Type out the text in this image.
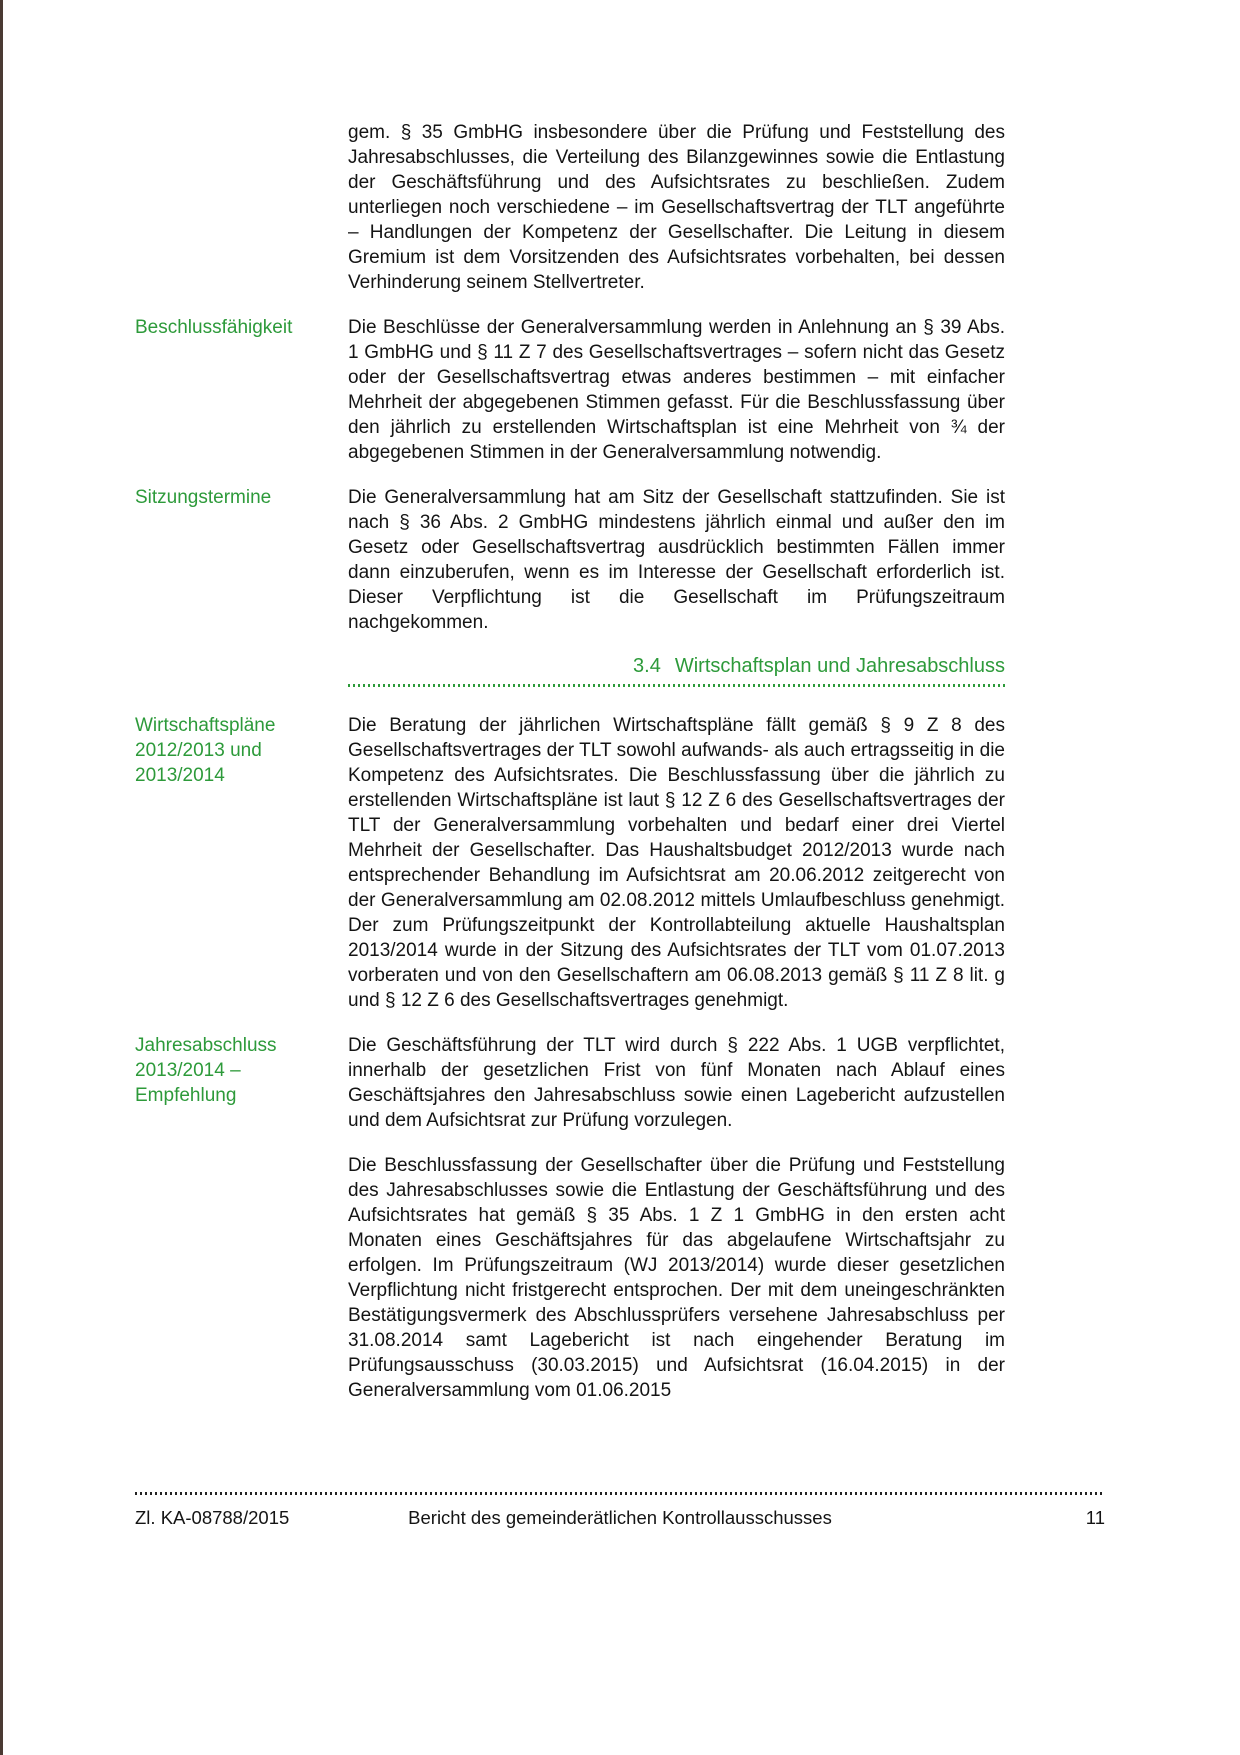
gem. § 35 GmbHG insbesondere über die Prüfung und Feststellung des Jahresabschlusses, die Verteilung des Bilanzgewinnes sowie die Entlastung der Geschäftsführung und des Aufsichtsrates zu beschließen. Zudem unterliegen noch verschiedene – im Gesellschaftsvertrag der TLT angeführte – Handlungen der Kompetenz der Gesellschafter. Die Leitung in diesem Gremium ist dem Vorsitzenden des Aufsichtsrates vorbehalten, bei dessen Verhinderung seinem Stellvertreter.
Beschlussfähigkeit	Die Beschlüsse der Generalversammlung werden in Anlehnung an § 39 Abs. 1 GmbHG und § 11 Z 7 des Gesellschaftsvertrages – sofern nicht das Gesetz oder der Gesellschaftsvertrag etwas anderes bestimmen – mit einfacher Mehrheit der abgegebenen Stimmen gefasst. Für die Beschlussfassung über den jährlich zu erstellenden Wirtschaftsplan ist eine Mehrheit von ¾ der abgegebenen Stimmen in der Generalversammlung notwendig.
Sitzungstermine	Die Generalversammlung hat am Sitz der Gesellschaft stattzufinden. Sie ist nach § 36 Abs. 2 GmbHG mindestens jährlich einmal und außer den im Gesetz oder Gesellschaftsvertrag ausdrücklich bestimmten Fällen immer dann einzuberufen, wenn es im Interesse der Gesellschaft erforderlich ist. Dieser Verpflichtung ist die Gesellschaft im Prüfungszeitraum nachgekommen.
3.4 Wirtschaftsplan und Jahresabschluss
Wirtschaftspläne 2012/2013 und 2013/2014
Die Beratung der jährlichen Wirtschaftspläne fällt gemäß § 9 Z 8 des Gesellschaftsvertrages der TLT sowohl aufwands- als auch ertragsseitig in die Kompetenz des Aufsichtsrates. Die Beschlussfassung über die jährlich zu erstellenden Wirtschaftspläne ist laut § 12 Z 6 des Gesellschaftsvertrages der TLT der Generalversammlung vorbehalten und bedarf einer drei Viertel Mehrheit der Gesellschafter. Das Haushaltsbudget 2012/2013 wurde nach entsprechender Behandlung im Aufsichtsrat am 20.06.2012 zeitgerecht von der Generalversammlung am 02.08.2012 mittels Umlaufbeschluss genehmigt. Der zum Prüfungszeitpunkt der Kontrollabteilung aktuelle Haushaltsplan 2013/2014 wurde in der Sitzung des Aufsichtsrates der TLT vom 01.07.2013 vorberaten und von den Gesellschaftern am 06.08.2013 gemäß § 11 Z 8 lit. g und § 12 Z 6 des Gesellschaftsvertrages genehmigt.
Jahresabschluss 2013/2014 – Empfehlung
Die Geschäftsführung der TLT wird durch § 222 Abs. 1 UGB verpflichtet, innerhalb der gesetzlichen Frist von fünf Monaten nach Ablauf eines Geschäftsjahres den Jahresabschluss sowie einen Lagebericht aufzustellen und dem Aufsichtsrat zur Prüfung vorzulegen.
Die Beschlussfassung der Gesellschafter über die Prüfung und Feststellung des Jahresabschlusses sowie die Entlastung der Geschäftsführung und des Aufsichtsrates hat gemäß § 35 Abs. 1 Z 1 GmbHG in den ersten acht Monaten eines Geschäftsjahres für das abgelaufene Wirtschaftsjahr zu erfolgen. Im Prüfungszeitraum (WJ 2013/2014) wurde dieser gesetzlichen Verpflichtung nicht fristgerecht entsprochen. Der mit dem uneingeschränkten Bestätigungsvermerk des Abschlussprüfers versehene Jahresabschluss per 31.08.2014 samt Lagebericht ist nach eingehender Beratung im Prüfungsausschuss (30.03.2015) und Aufsichtsrat (16.04.2015) in der Generalversammlung vom 01.06.2015
Zl. KA-08788/2015	Bericht des gemeinderätlichen Kontrollausschusses	11
